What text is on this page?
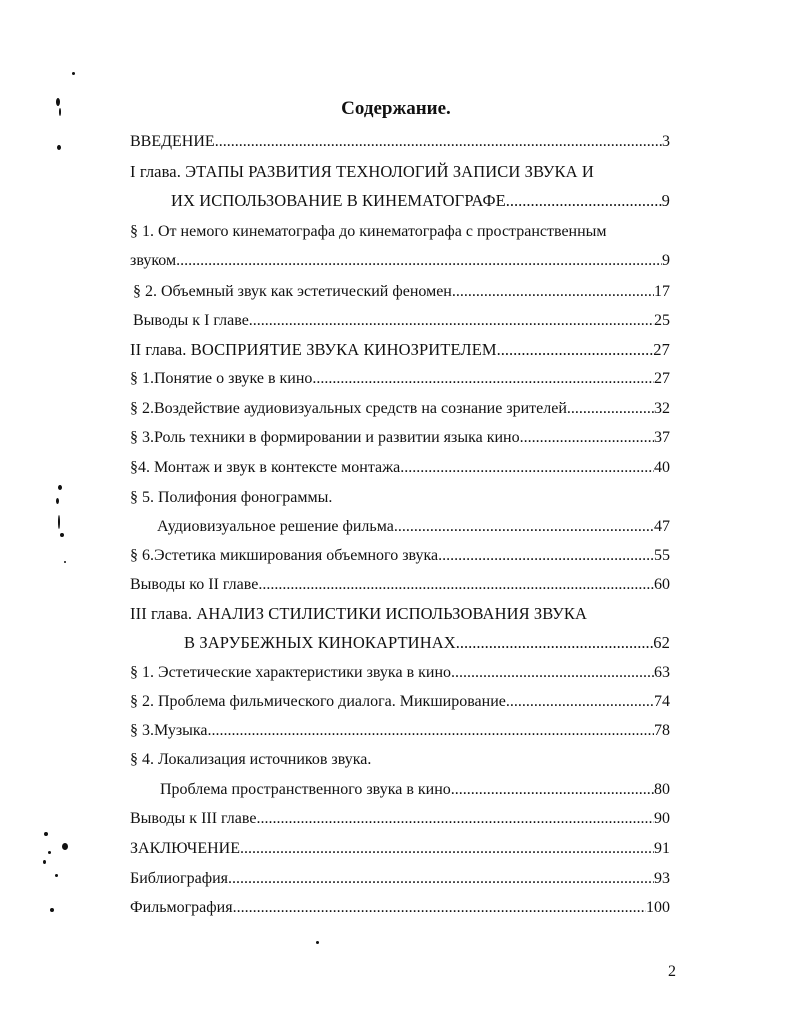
Содержание.
ВВЕДЕНИЕ .....	3
I глава. ЭТАПЫ РАЗВИТИЯ ТЕХНОЛОГИЙ ЗАПИСИ ЗВУКА И
ИХ ИСПОЛЬЗОВАНИЕ В КИНЕМАТОГРАФЕ .....	9
§ 1. От немого кинематографа до кинематографа с пространственным
звуком .....	9
§ 2. Объемный звук как эстетический феномен .....	17
Выводы к I главе .....	25
II глава. ВОСПРИЯТИЕ ЗВУКА КИНОЗРИТЕЛЕМ .....	27
§ 1.Понятие о звуке в кино .....	27
§ 2.Воздействие аудиовизуальных средств на сознание зрителей .....	32
§ 3.Роль техники в формировании и развитии языка кино .....	37
§4. Монтаж и звук в контексте монтажа .....	40
§ 5. Полифония фонограммы.
Аудиовизуальное решение фильма .....	47
§ 6.Эстетика микширования объемного звука .....	55
Выводы ко II главе .....	60
III глава. АНАЛИЗ СТИЛИСТИКИ ИСПОЛЬЗОВАНИЯ ЗВУКА
В ЗАРУБЕЖНЫХ КИНОКАРТИНАХ .....	62
§ 1. Эстетические характеристики звука в кино .....	63
§ 2. Проблема фильмического диалога. Микширование .....	74
§ 3.Музыка .....	78
§ 4. Локализация источников звука.
Проблема пространственного звука в кино .....	80
Выводы к III главе .....	90
ЗАКЛЮЧЕНИЕ .....	91
Библиография .....	93
Фильмография .....	100
2
